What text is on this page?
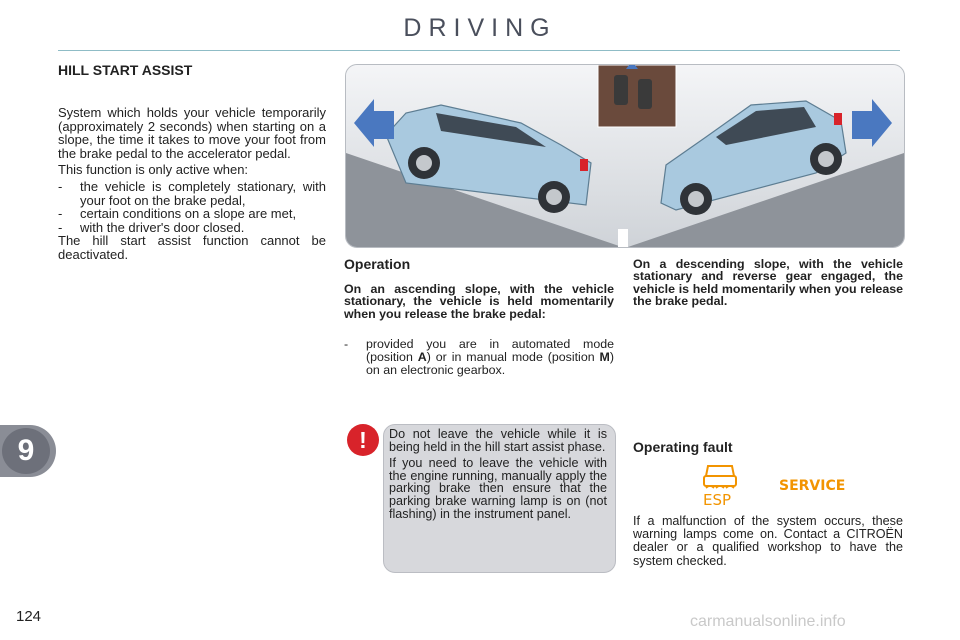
DRIVING
HILL START ASSIST

System which holds your vehicle temporarily (approximately 2 seconds) when starting on a slope, the time it takes to move your foot from the brake pedal to the accelerator pedal.

This function is only active when:

-	the vehicle is completely stationary, with your foot on the brake pedal,
-	certain conditions on a slope are met,
-	with the driver's door closed.

The hill start assist function cannot be deactivated.

Operation
On an ascending slope, with the vehicle stationary, the vehicle is held momentarily when you release the brake pedal:
-	provided you are in automated mode (position A) or in manual mode (position M) on an electronic gearbox.
On a descending slope, with the vehicle stationary and reverse gear engaged, the vehicle is held momentarily when you release the brake pedal.
!	Do not leave the vehicle while it is being held in the hill start assist phase.

If you need to leave the vehicle with the engine running, manually apply the parking brake then ensure that the parking brake warning lamp is on (not flashing) in the instrument panel.

Operating fault
ESP
SERVICE
If a malfunction of the system occurs, these warning lamps come on. Contact a CITROËN dealer or a qualified workshop to have the system checked.
9
124	carmanualsonline.info
